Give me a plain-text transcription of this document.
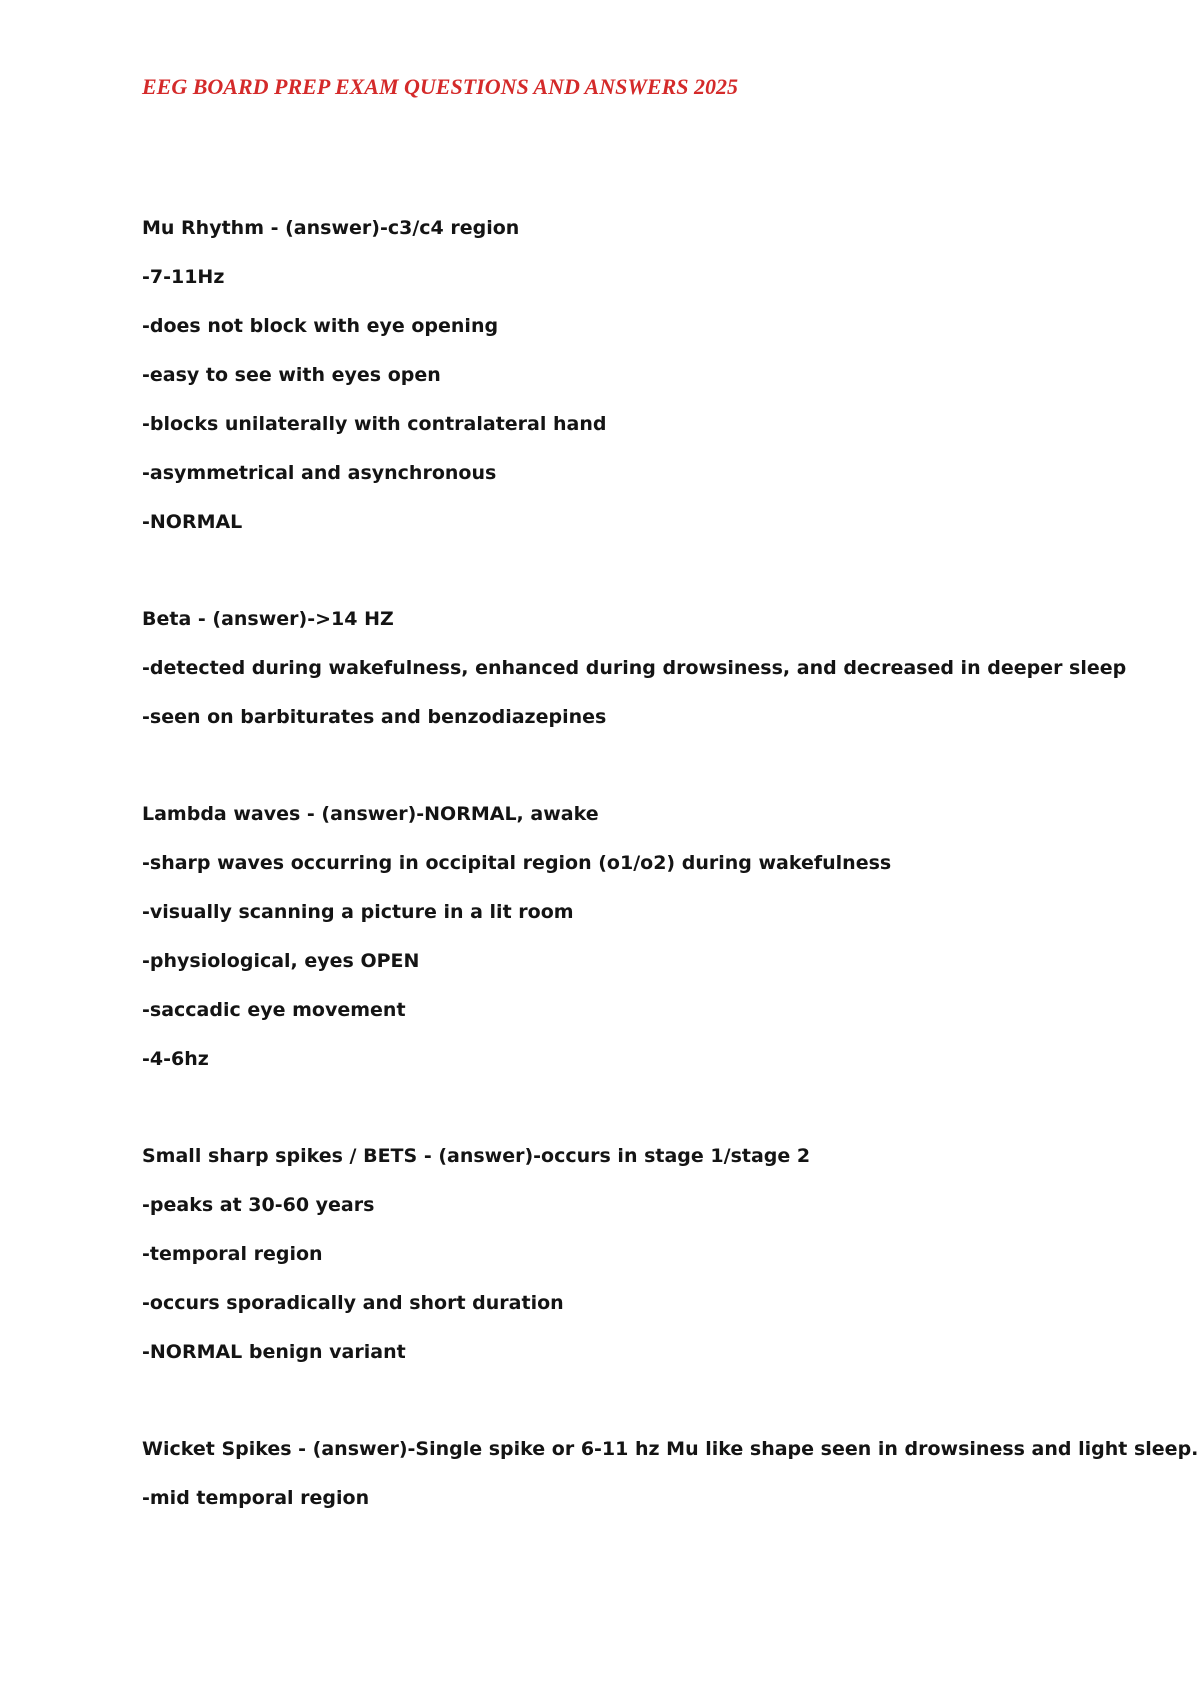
EEG BOARD PREP EXAM QUESTIONS AND ANSWERS 2025
Mu Rhythm - (answer)-c3/c4 region
-7-11Hz
-does not block with eye opening
-easy to see with eyes open
-blocks unilaterally with contralateral hand
-asymmetrical and asynchronous
-NORMAL
Beta - (answer)->14 HZ
-detected during wakefulness, enhanced during drowsiness, and decreased in deeper sleep
-seen on barbiturates and benzodiazepines
Lambda waves - (answer)-NORMAL, awake
-sharp waves occurring in occipital region (o1/o2) during wakefulness
-visually scanning a picture in a lit room
-physiological, eyes OPEN
-saccadic eye movement
-4-6hz
Small sharp spikes / BETS - (answer)-occurs in stage 1/stage 2
-peaks at 30-60 years
-temporal region
-occurs sporadically and short duration
-NORMAL benign variant
Wicket Spikes - (answer)-Single spike or 6-11 hz Mu like shape seen in drowsiness and light sleep.
-mid temporal region
